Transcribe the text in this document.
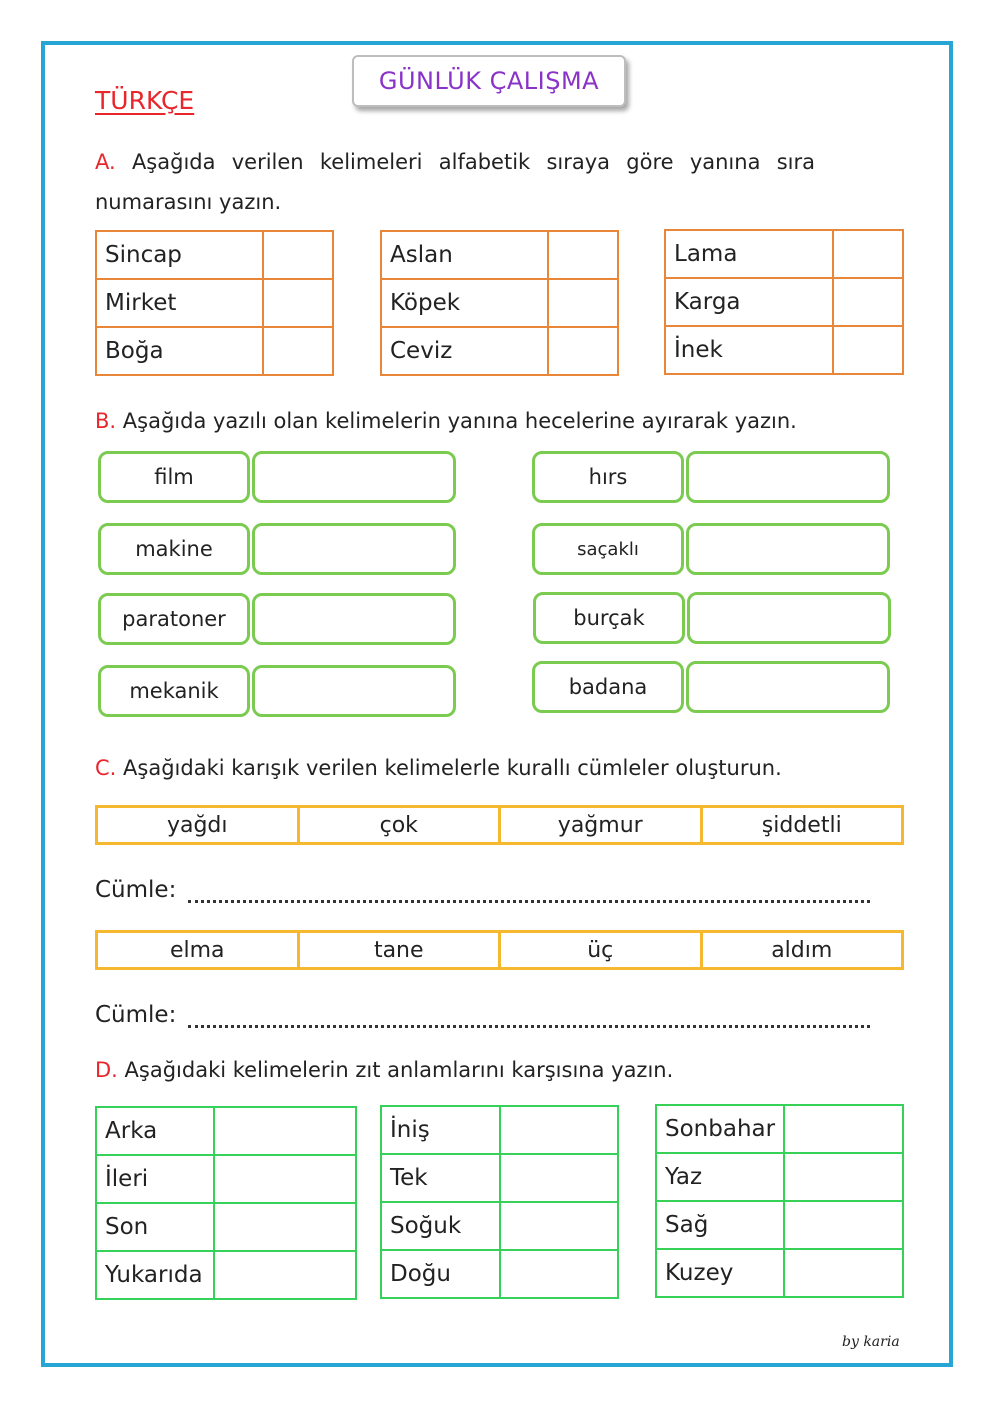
GÜNLÜK ÇALIŞMA
TÜRKÇE
A. Aşağıda verilen kelimeleri alfabetik sıraya göre yanına sıra numarasını yazın.
Sincap	
Mirket	
Boğa	
Aslan	
Köpek	
Ceviz	
Lama	
Karga	
İnek	
B. Aşağıda yazılı olan kelimelerin yanına hecelerine ayırarak yazın.
film
makine
paratoner
mekanik
hırs
saçaklı
burçak
badana
C. Aşağıdaki karışık verilen kelimelerle kurallı cümleler oluşturun.
yağdı	çok	yağmur	şiddetli
Cümle:
elma	tane	üç	aldım
Cümle:
D. Aşağıdaki kelimelerin zıt anlamlarını karşısına yazın.
Arka	
İleri	
Son	
Yukarıda	
İniş	
Tek	
Soğuk	
Doğu	
Sonbahar	
Yaz	
Sağ	
Kuzey	
by karia
